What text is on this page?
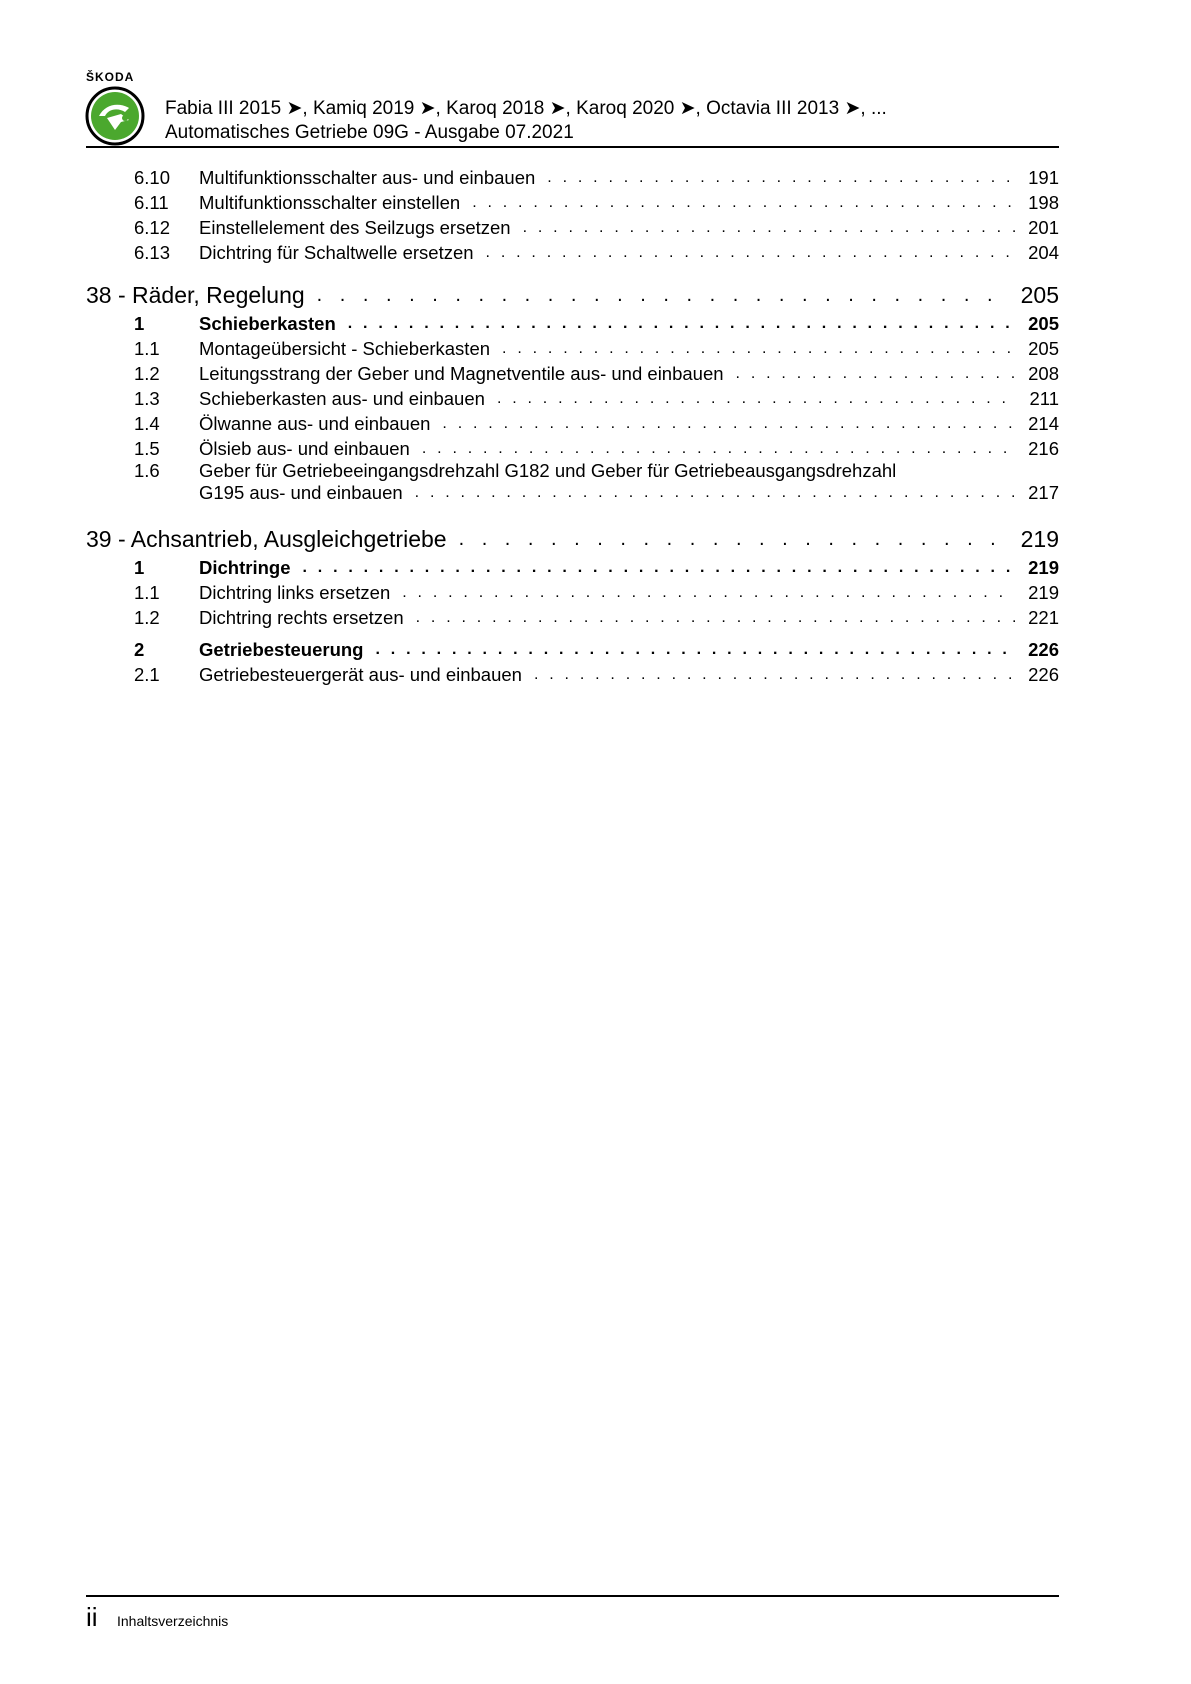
ŠKODA
Fabia III 2015 ➤, Kamiq 2019 ➤, Karoq 2018 ➤, Karoq 2020 ➤, Octavia III 2013 ➤, ...
Automatisches Getriebe 09G - Ausgabe 07.2021
6.10	Multifunktionsschalter aus- und einbauen . . .	191
6.11	Multifunktionsschalter einstellen . . .	198
6.12	Einstellelement des Seilzugs ersetzen . . .	201
6.13	Dichtring für Schaltwelle ersetzen . . .	204
38 - Räder, Regelung . . .	205
1	Schieberkasten . . .	205
1.1	Montageübersicht - Schieberkasten . . .	205
1.2	Leitungsstrang der Geber und Magnetventile aus- und einbauen . . .	208
1.3	Schieberkasten aus- und einbauen . . .	211
1.4	Ölwanne aus- und einbauen . . .	214
1.5	Ölsieb aus- und einbauen . . .	216
1.6	Geber für Getriebeeingangsdrehzahl G182 und Geber für Getriebeausgangsdrehzahl
G195 aus- und einbauen . . .	217
39 - Achsantrieb, Ausgleichgetriebe . . .	219
1	Dichtringe . . .	219
1.1	Dichtring links ersetzen . . .	219
1.2	Dichtring rechts ersetzen . . .	221
2	Getriebesteuerung . . .	226
2.1	Getriebesteuergerät aus- und einbauen . . .	226
ii Inhaltsverzeichnis
